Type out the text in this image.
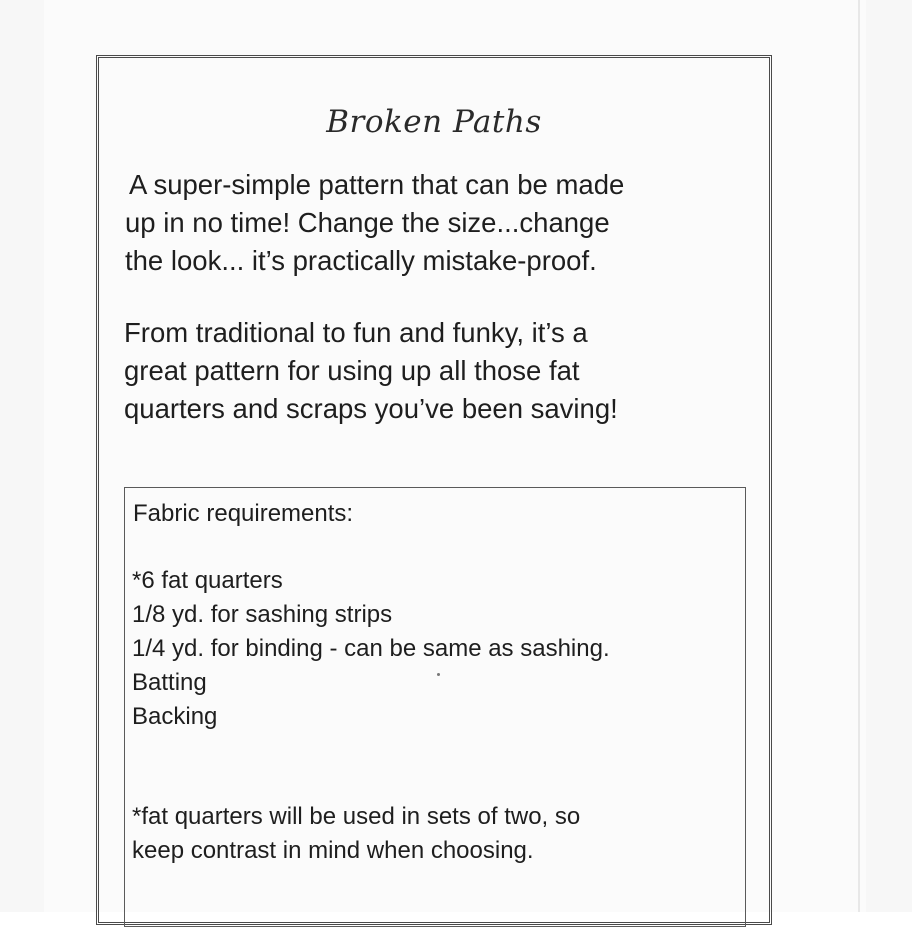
Broken Paths
A super-simple pattern that can be made
up in no time! Change the size...change
the look... it’s practically mistake-proof.
From traditional to fun and funky, it’s a
great pattern for using up all those fat
quarters and scraps you’ve been saving!
Fabric requirements:
*6 fat quarters
1/8 yd. for sashing strips
1/4 yd. for binding - can be same as sashing.
Batting
Backing
*fat quarters will be used in sets of two, so
keep contrast in mind when choosing.
